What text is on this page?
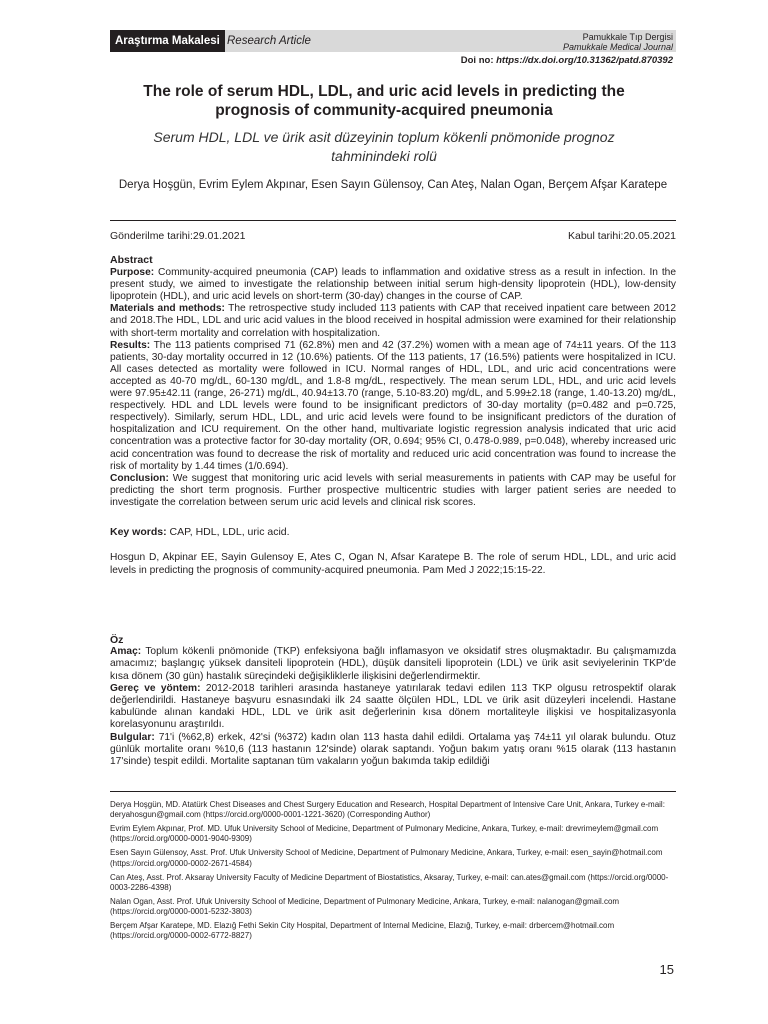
Araştırma Makalesi Research Article	Pamukkale Tıp Dergisi
Pamukkale Medical Journal
Doi no: https://dx.doi.org/10.31362/patd.870392
The role of serum HDL, LDL, and uric acid levels in predicting the prognosis of community-acquired pneumonia
Serum HDL, LDL ve ürik asit düzeyinin toplum kökenli pnömonide prognoz tahminindeki rolü
Derya Hoşgün, Evrim Eylem Akpınar, Esen Sayın Gülensoy, Can Ateş, Nalan Ogan, Berçem Afşar Karatepe
Gönderilme tarihi:29.01.2021	Kabul tarihi:20.05.2021

Abstract

Purpose: Community-acquired pneumonia (CAP) leads to inflammation and oxidative stress as a result in infection. In the present study, we aimed to investigate the relationship between initial serum high-density lipoprotein (HDL), low-density lipoprotein (HDL), and uric acid levels on short-term (30-day) changes in the course of CAP.

Materials and methods: The retrospective study included 113 patients with CAP that received inpatient care between 2012 and 2018.The HDL, LDL and uric acid values in the blood received in hospital admission were examined for their relationship with short-term mortality and correlation with hospitalization.

Results: The 113 patients comprised 71 (62.8%) men and 42 (37.2%) women with a mean age of 74±11 years. Of the 113 patients, 30-day mortality occurred in 12 (10.6%) patients. Of the 113 patients, 17 (16.5%) patients were hospitalized in ICU. All cases detected as mortality were followed in ICU. Normal ranges of HDL, LDL, and uric acid concentrations were accepted as 40-70 mg/dL, 60-130 mg/dL, and 1.8-8 mg/dL, respectively. The mean serum LDL, HDL, and uric acid levels were 97.95±42.11 (range, 26-271) mg/dL, 40.94±13.70 (range, 5.10-83.20) mg/dL, and 5.99±2.18 (range, 1.40-13.20) mg/dL, respectively. HDL and LDL levels were found to be insignificant predictors of 30-day mortality (p=0.482 and p=0.725, respectively). Similarly, serum HDL, LDL, and uric acid levels were found to be insignificant predictors of the duration of hospitalization and ICU requirement. On the other hand, multivariate logistic regression analysis indicated that uric acid concentration was a protective factor for 30-day mortality (OR, 0.694; 95% CI, 0.478-0.989, p=0.048), whereby increased uric acid concentration was found to decrease the risk of mortality and reduced uric acid concentration was found to increase the risk of mortality by 1.44 times (1/0.694).

Conclusion: We suggest that monitoring uric acid levels with serial measurements in patients with CAP may be useful for predicting the short term prognosis. Further prospective multicentric studies with larger patient series are needed to investigate the correlation between serum uric acid levels and clinical risk scores.

Key words: CAP, HDL, LDL, uric acid.

Hosgun D, Akpinar EE, Sayin Gulensoy E, Ates C, Ogan N, Afsar Karatepe B. The role of serum HDL, LDL, and uric acid levels in predicting the prognosis of community-acquired pneumonia. Pam Med J 2022;15:15-22.

Öz

Amaç: Toplum kökenli pnömonide (TKP) enfeksiyona bağlı inflamasyon ve oksidatif stres oluşmaktadır. Bu çalışmamızda amacımız; başlangıç yüksek dansiteli lipoprotein (HDL), düşük dansiteli lipoprotein (LDL) ve ürik asit seviyelerinin TKP'de kısa dönem (30 gün) hastalık süreçindeki değişikliklerle ilişkisini değerlendirmektir.

Gereç ve yöntem: 2012-2018 tarihleri arasında hastaneye yatırılarak tedavi edilen 113 TKP olgusu retrospektif olarak değerlendirildi. Hastaneye başvuru esnasındaki ilk 24 saatte ölçülen HDL, LDL ve ürik asit düzeyleri incelendi. Hastane kabulünde alınan kandaki HDL, LDL ve ürik asit değerlerinin kısa dönem mortaliteyle ilişkisi ve hospitalizasyonla korelasyonunu araştırıldı.

Bulgular: 71'i (%62,8) erkek, 42'si (%372) kadın olan 113 hasta dahil edildi. Ortalama yaş 74±11 yıl olarak bulundu. Otuz günlük mortalite oranı %10,6 (113 hastanın 12'sinde) olarak saptandı. Yoğun bakım yatış oranı %15 olarak (113 hastanın 17'sinde) tespit edildi. Mortalite saptanan tüm vakaların yoğun bakımda takip edildiği

Derya Hoşgün, MD. Atatürk Chest Diseases and Chest Surgery Education and Research, Hospital Department of Intensive Care Unit, Ankara, Turkey e-mail: deryahosgun@gmail.com (https://orcid.org/0000-0001-1221-3620) (Corresponding Author)

Evrim Eylem Akpınar, Prof. MD. Ufuk University School of Medicine, Department of Pulmonary Medicine, Ankara, Turkey, e-mail: drevrimeylem@gmail.com (https://orcid.org/0000-0001-9040-9309)

Esen Sayın Gülensoy, Asst. Prof. Ufuk University School of Medicine, Department of Pulmonary Medicine, Ankara, Turkey, e-mail: esen_sayin@hotmail.com (https://orcid.org/0000-0002-2671-4584)

Can Ateş, Asst. Prof. Aksaray University Faculty of Medicine Department of Biostatistics, Aksaray, Turkey, e-mail: can.ates@gmail.com (https://orcid.org/0000-0003-2286-4398)

Nalan Ogan, Asst. Prof. Ufuk University School of Medicine, Department of Pulmonary Medicine, Ankara, Turkey, e-mail: nalanogan@gmail.com (https://orcid.org/0000-0001-5232-3803)

Berçem Afşar Karatepe, MD. Elazığ Fethi Sekin City Hospital, Department of Internal Medicine, Elazığ, Turkey, e-mail: drbercem@hotmail.com (https://orcid.org/0000-0002-6772-8827)

15
